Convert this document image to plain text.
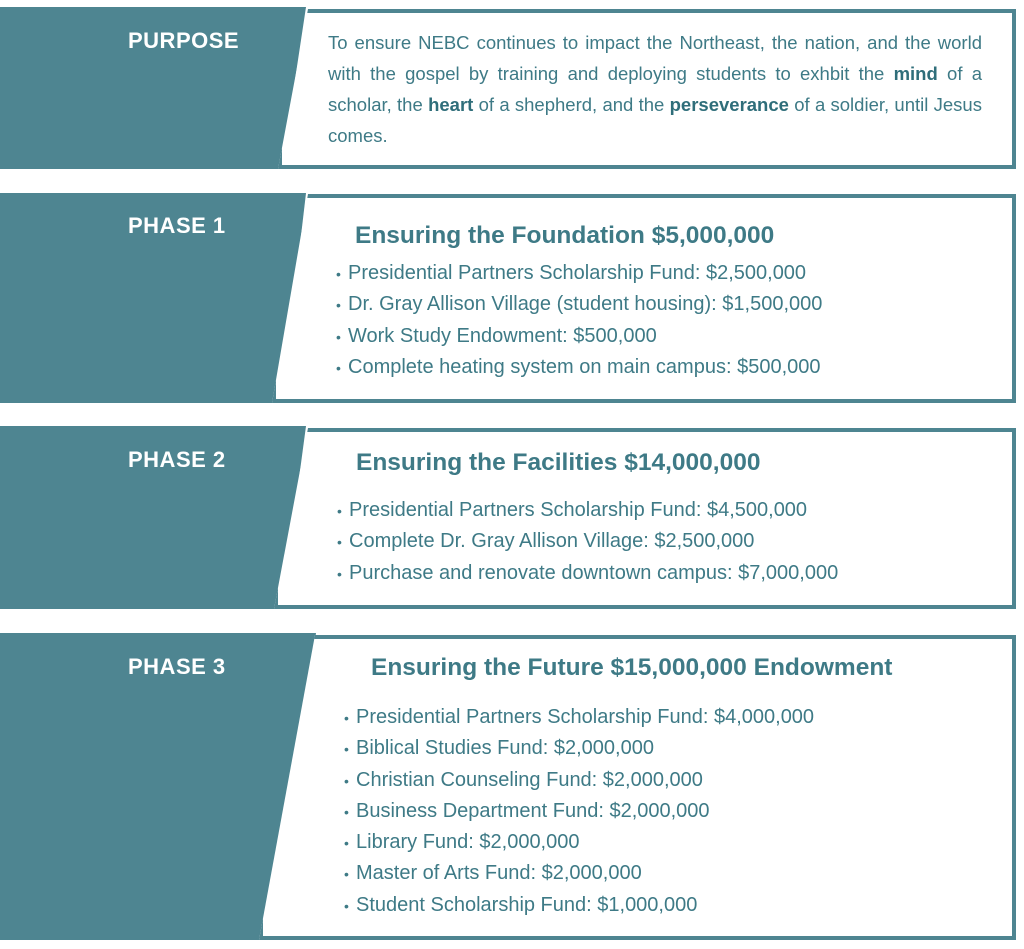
PURPOSE	To ensure NEBC continues to impact the Northeast, the nation, and the world with the gospel by training and deploying students to exhbit the mind of a scholar, the heart of a shepherd, and the perseverance of a soldier, until Jesus comes.
PHASE 1	Ensuring the Foundation $5,000,000
• Presidential Partners Scholarship Fund: $2,500,000
• Dr. Gray Allison Village (student housing): $1,500,000
• Work Study Endowment: $500,000
• Complete heating system on main campus: $500,000
PHASE 2	Ensuring the Facilities $14,000,000
• Presidential Partners Scholarship Fund: $4,500,000
• Complete Dr. Gray Allison Village: $2,500,000
• Purchase and renovate downtown campus: $7,000,000
PHASE 3	Ensuring the Future $15,000,000 Endowment
• Presidential Partners Scholarship Fund: $4,000,000
• Biblical Studies Fund: $2,000,000
• Christian Counseling Fund: $2,000,000
• Business Department Fund: $2,000,000
• Library Fund: $2,000,000
• Master of Arts Fund: $2,000,000
• Student Scholarship Fund: $1,000,000
